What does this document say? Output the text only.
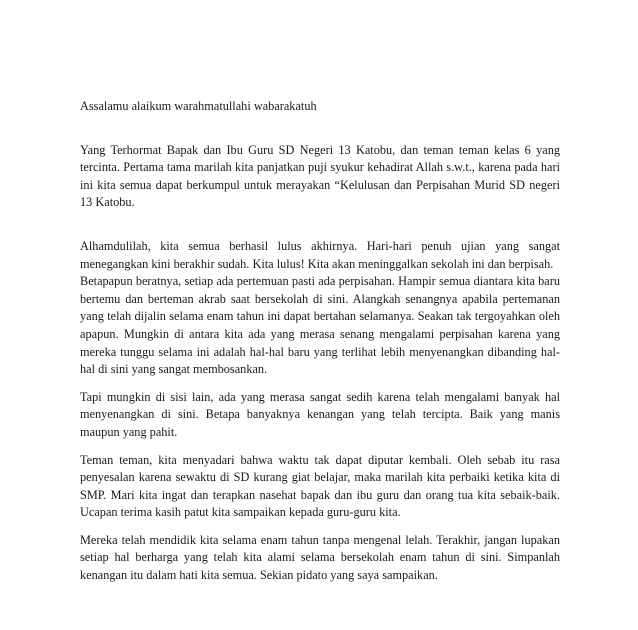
Assalamu alaikum warahmatullahi wabarakatuh

Yang Terhormat Bapak dan Ibu Guru SD Negeri 13 Katobu, dan teman teman kelas 6 yang tercinta. Pertama tama marilah kita panjatkan puji syukur kehadirat Allah s.w.t., karena pada hari ini kita semua dapat berkumpul untuk merayakan “Kelulusan dan Perpisahan Murid SD negeri 13 Katobu.

Alhamdulilah, kita semua berhasil lulus akhirnya. Hari-hari penuh ujian yang sangat menegangkan kini berakhir sudah. Kita lulus! Kita akan meninggalkan sekolah ini dan berpisah.

Betapapun beratnya, setiap ada pertemuan pasti ada perpisahan. Hampir semua diantara kita baru bertemu dan berteman akrab saat bersekolah di sini. Alangkah senangnya apabila pertemanan yang telah dijalin selama enam tahun ini dapat bertahan selamanya. Seakan tak tergoyahkan oleh apapun. Mungkin di antara kita ada yang merasa senang mengalami perpisahan karena yang mereka tunggu selama ini adalah hal-hal baru yang terlihat lebih menyenangkan dibanding hal-hal di sini yang sangat membosankan.

Tapi mungkin di sisi lain, ada yang merasa sangat sedih karena telah mengalami banyak hal menyenangkan di sini. Betapa banyaknya kenangan yang telah tercipta. Baik yang manis maupun yang pahit.

Teman teman, kita menyadari bahwa waktu tak dapat diputar kembali. Oleh sebab itu rasa penyesalan karena sewaktu di SD kurang giat belajar, maka marilah kita perbaiki ketika kita di SMP. Mari kita ingat dan terapkan nasehat bapak dan ibu guru dan orang tua kita sebaik-baik. Ucapan terima kasih patut kita sampaikan kepada guru-guru kita.

Mereka telah mendidik kita selama enam tahun tanpa mengenal lelah. Terakhir, jangan lupakan setiap hal berharga yang telah kita alami selama bersekolah enam tahun di sini. Simpanlah kenangan itu dalam hati kita semua. Sekian pidato yang saya sampaikan.
